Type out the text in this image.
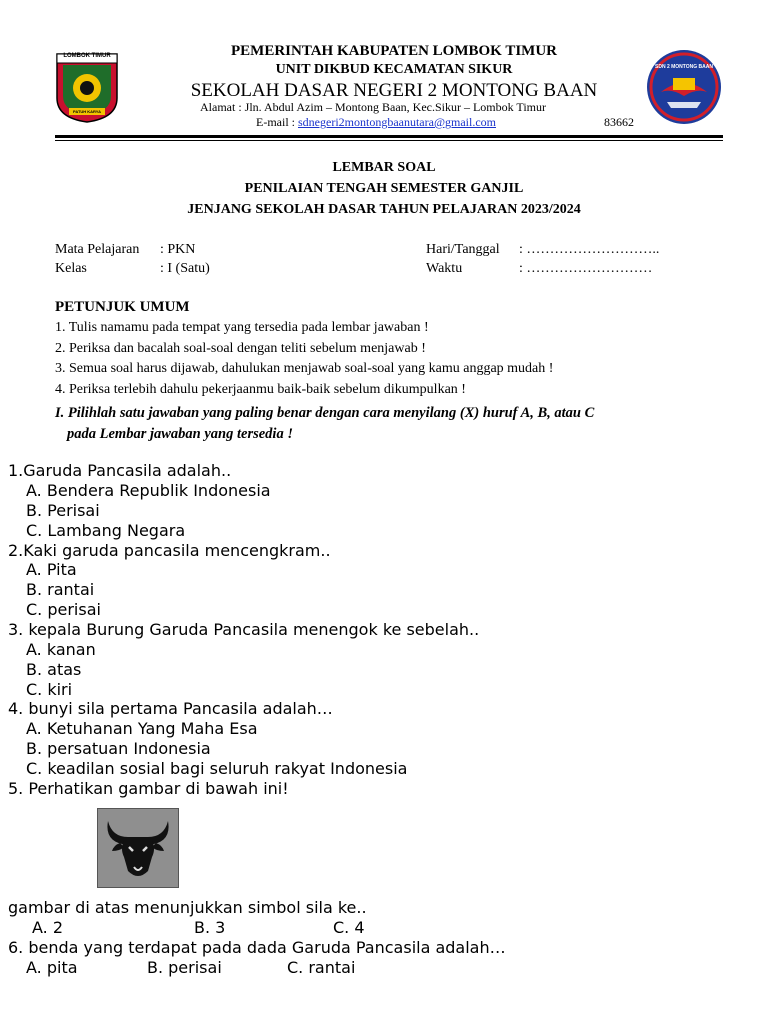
LOMBOK TIMUR
PATUH KARYA
SDN 2 MONTONG BAAN
PEMERINTAH KABUPATEN LOMBOK TIMUR
UNIT DIKBUD KECAMATAN SIKUR
SEKOLAH DASAR NEGERI 2 MONTONG BAAN
Alamat : Jln. Abdul Azim – Montong Baan, Kec.Sikur – Lombok Timur
E-mail : sdnegeri2montongbaanutara@gmail.com	83662
LEMBAR SOAL
PENILAIAN TENGAH SEMESTER GANJIL
JENJANG SEKOLAH DASAR TAHUN PELAJARAN 2023/2024
Mata Pelajaran : PKN
Kelas	: I (Satu)
Hari/Tanggal : ………………………..
Waktu	: ………………………
PETUNJUK UMUM
1. Tulis namamu pada tempat yang tersedia pada lembar jawaban !
2. Periksa dan bacalah soal-soal dengan teliti sebelum menjawab !
3. Semua soal harus dijawab, dahulukan menjawab soal-soal yang kamu anggap mudah !
4. Periksa terlebih dahulu pekerjaanmu baik-baik sebelum dikumpulkan !
I. Pilihlah satu jawaban yang paling benar dengan cara menyilang (X) huruf A, B, atau C
pada Lembar jawaban yang tersedia !
1.Garuda Pancasila adalah..
A. Bendera Republik Indonesia
B. Perisai
C. Lambang Negara
2.Kaki garuda pancasila mencengkram..
A. Pita
B. rantai
C. perisai
3. kepala Burung Garuda Pancasila menengok ke sebelah..
A. kanan
B. atas
C. kiri
4. bunyi sila pertama Pancasila adalah…
A. Ketuhanan Yang Maha Esa
B. persatuan Indonesia
C. keadilan sosial bagi seluruh rakyat Indonesia
5. Perhatikan gambar di bawah ini!
gambar di atas menunjukkan simbol sila ke..
A. 2	B. 3	C. 4
6. benda yang terdapat pada dada Garuda Pancasila adalah…
A. pita	B. perisai	C. rantai
